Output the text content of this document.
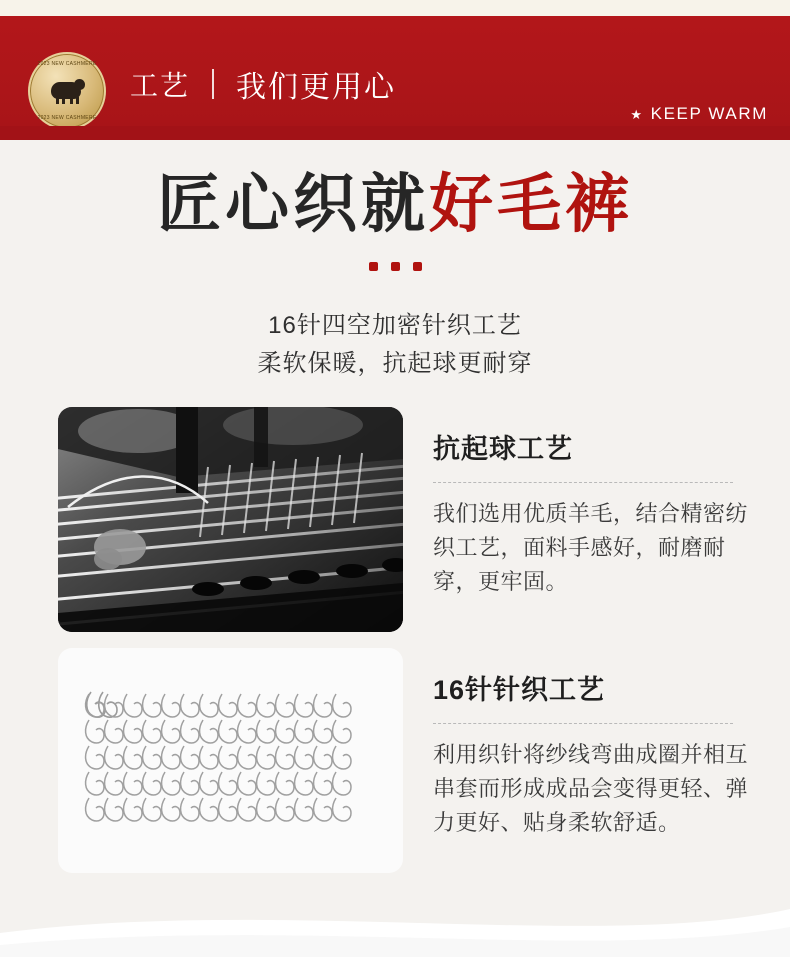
2023 NEW CASHMERE
2023 NEW CASHMERE
工艺 我们更用心
★ KEEP WARM
匠心织就好毛裤
16针四空加密针织工艺
柔软保暖，抗起球更耐穿
抗起球工艺
我们选用优质羊毛，结合精密纺织工艺，面料手感好，耐磨耐穿，更牢固。
16针针织工艺
利用织针将纱线弯曲成圈并相互串套而形成成品会变得更轻、弹力更好、贴身柔软舒适。
